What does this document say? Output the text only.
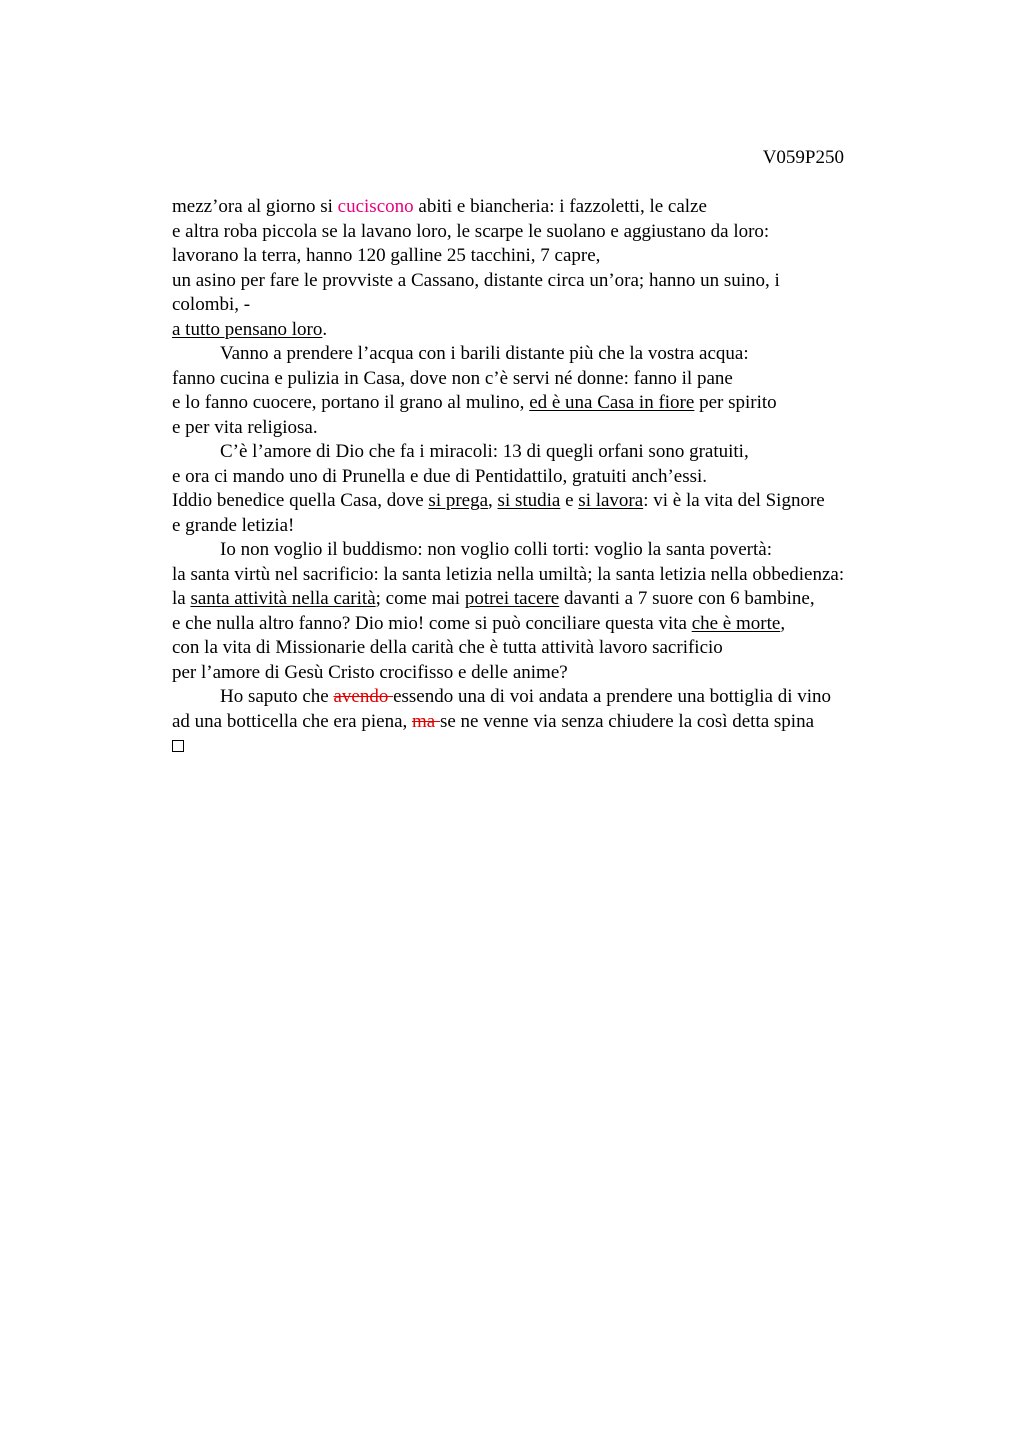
V059P250
mezz’ora al giorno si cuciscono abiti e biancheria: i fazzoletti, le calze
e altra roba piccola se la lavano loro, le scarpe le suolano e aggiustano da loro:
lavorano la terra, hanno 120 galline 25 tacchini, 7 capre,
un asino per fare le provviste a Cassano, distante circa un’ora; hanno un suino, i
colombi, -
a tutto pensano loro.
Vanno a prendere l’acqua con i barili distante più che la vostra acqua:
fanno cucina e pulizia in Casa, dove non c’è servi né donne: fanno il pane
e lo fanno cuocere, portano il grano al mulino, ed è una Casa in fiore per spirito
e per vita religiosa.
C’è l’amore di Dio che fa i miracoli: 13 di quegli orfani sono gratuiti,
e ora ci mando uno di Prunella e due di Pentidattilo, gratuiti anch’essi.
Iddio benedice quella Casa, dove si prega, si studia e si lavora: vi è la vita del Signore
e grande letizia!
Io non voglio il buddismo: non voglio colli torti: voglio la santa povertà:
la santa virtù nel sacrificio: la santa letizia nella umiltà; la santa letizia nella obbedienza:
la santa attività nella carità; come mai potrei tacere davanti a 7 suore con 6 bambine,
e che nulla altro fanno? Dio mio! come si può conciliare questa vita che è morte,
con la vita di Missionarie della carità che è tutta attività lavoro sacrificio
per l’amore di Gesù Cristo crocifisso e delle anime?
Ho saputo che avendo essendo una di voi andata a prendere una bottiglia di vino
ad una botticella che era piena, ma se ne venne via senza chiudere la così detta spina
